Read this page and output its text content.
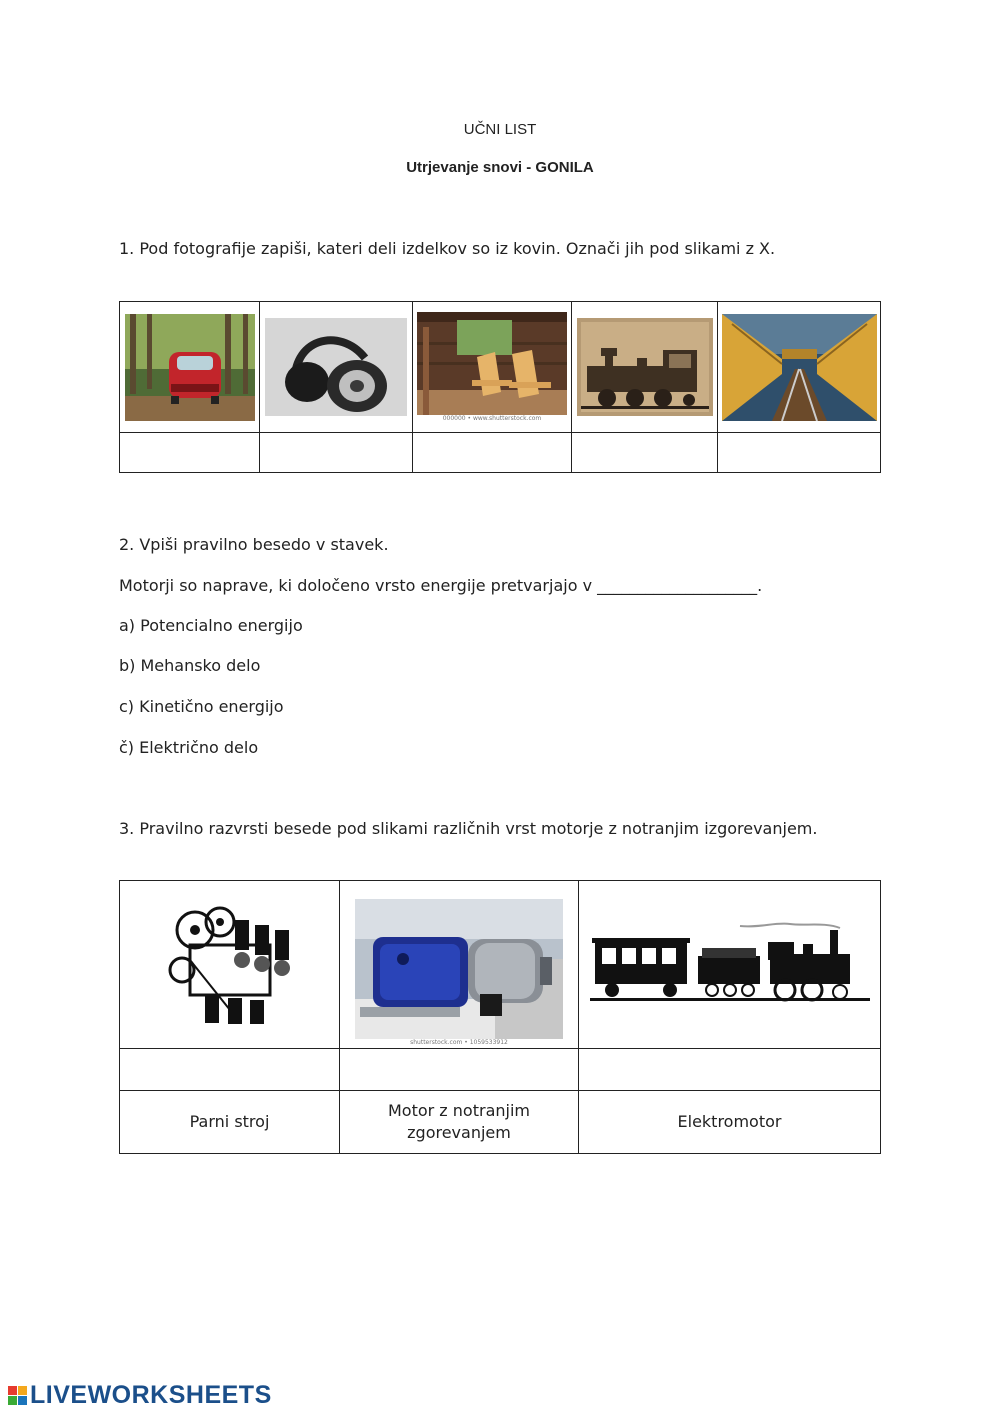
UČNI LIST
Utrjevanje snovi - GONILA
1. Pod fotografije zapiši, kateri deli izdelkov so iz kovin. Označi jih pod slikami z X.

000000 • www.shutterstock.com

2. Vpiši pravilno besedo v stavek.
Motorji so naprave, ki določeno vrsto energije pretvarjajo v ____________________.
a) Potencialno energijo
b) Mehansko delo
c) Kinetično energijo
č) Električno delo
3. Pravilno razvrsti besede pod slikami različnih vrst motorje z notranjim izgorevanjem.

shutterstock.com • 1059533912

Parni stroj	Motor z notranjim zgorevanjem	Elektromotor
LIVEWORKSHEETS
